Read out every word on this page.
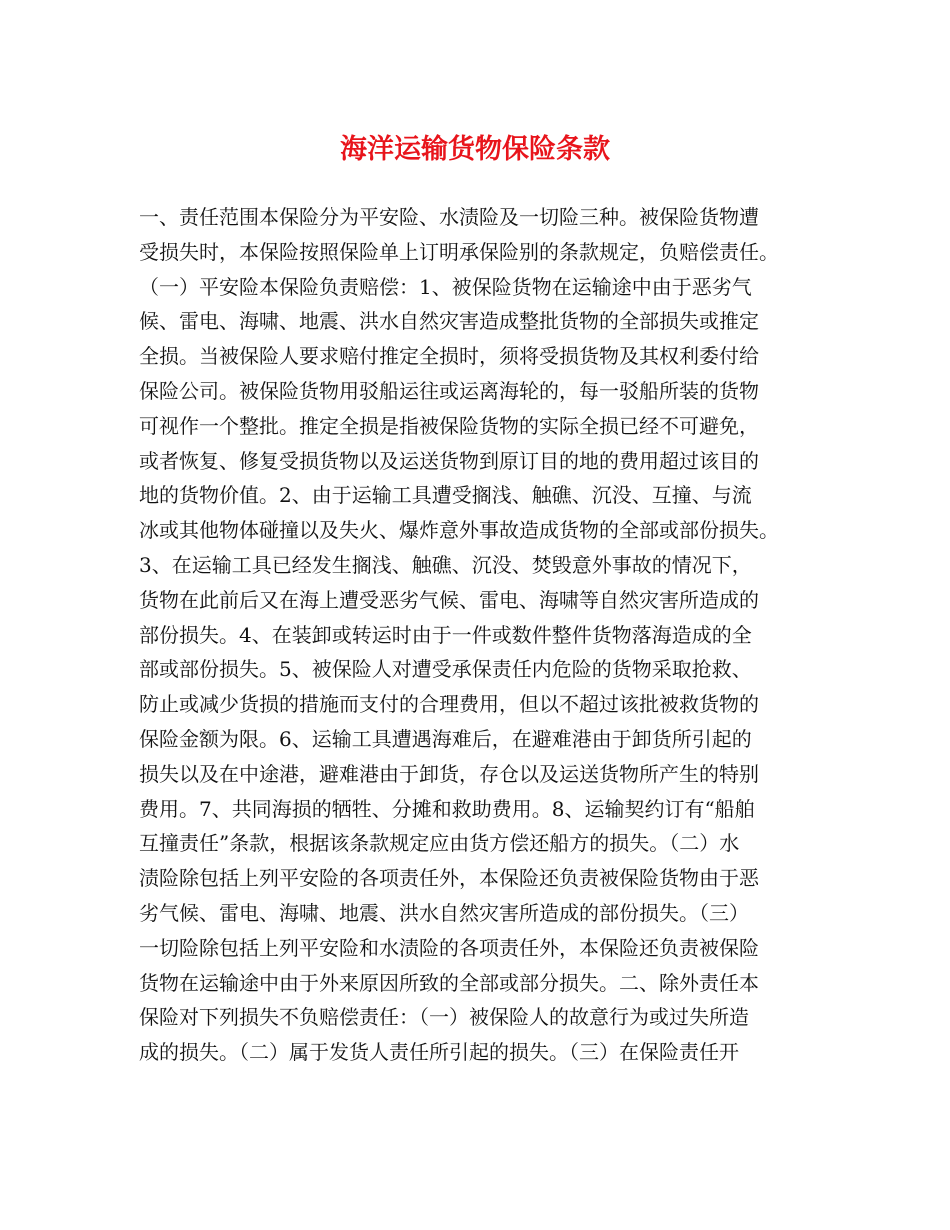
海洋运输货物保险条款
一、责任范围本保险分为平安险、水渍险及一切险三种。被保险货物遭
受损失时，本保险按照保险单上订明承保险别的条款规定，负赔偿责任。
（一）平安险本保险负责赔偿：1、被保险货物在运输途中由于恶劣气
候、雷电、海啸、地震、洪水自然灾害造成整批货物的全部损失或推定
全损。当被保险人要求赔付推定全损时，须将受损货物及其权利委付给
保险公司。被保险货物用驳船运往或运离海轮的，每一驳船所装的货物
可视作一个整批。推定全损是指被保险货物的实际全损已经不可避免，
或者恢复、修复受损货物以及运送货物到原订目的地的费用超过该目的
地的货物价值。2、由于运输工具遭受搁浅、触礁、沉没、互撞、与流
冰或其他物体碰撞以及失火、爆炸意外事故造成货物的全部或部份损失。
3、在运输工具已经发生搁浅、触礁、沉没、焚毁意外事故的情况下，
货物在此前后又在海上遭受恶劣气候、雷电、海啸等自然灾害所造成的
部份损失。4、在装卸或转运时由于一件或数件整件货物落海造成的全
部或部份损失。5、被保险人对遭受承保责任内危险的货物采取抢救、
防止或减少货损的措施而支付的合理费用，但以不超过该批被救货物的
保险金额为限。6、运输工具遭遇海难后，在避难港由于卸货所引起的
损失以及在中途港，避难港由于卸货，存仓以及运送货物所产生的特别
费用。7、共同海损的牺牲、分摊和救助费用。8、运输契约订有“船舶
互撞责任”条款，根据该条款规定应由货方偿还船方的损失。（二）水
渍险除包括上列平安险的各项责任外，本保险还负责被保险货物由于恶
劣气候、雷电、海啸、地震、洪水自然灾害所造成的部份损失。（三）
一切险除包括上列平安险和水渍险的各项责任外，本保险还负责被保险
货物在运输途中由于外来原因所致的全部或部分损失。二、除外责任本
保险对下列损失不负赔偿责任：（一）被保险人的故意行为或过失所造
成的损失。（二）属于发货人责任所引起的损失。（三）在保险责任开
